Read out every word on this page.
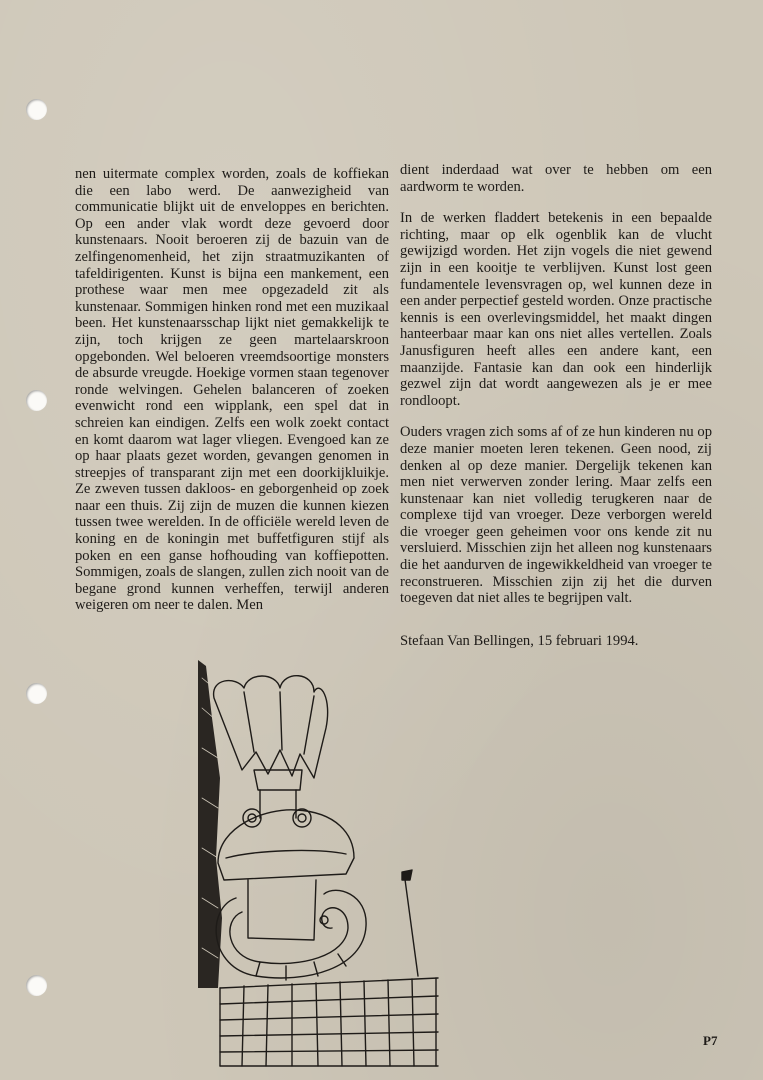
nen uitermate complex worden, zoals de koffiekan die een labo werd. De aanwezigheid van communicatie blijkt uit de enveloppes en berichten. Op een ander vlak wordt deze gevoerd door kunstenaars. Nooit beroeren zij de bazuin van de zelfingenomenheid, het zijn straatmuzikanten of tafeldirigenten. Kunst is bijna een mankement, een prothese waar men mee opgezadeld zit als kunstenaar. Sommigen hinken rond met een muzikaal been. Het kunstenaarsschap lijkt niet gemakkelijk te zijn, toch krijgen ze geen martelaarskroon opgebonden. Wel beloeren vreemdsoortige monsters de absurde vreugde. Hoekige vormen staan tegenover ronde welvingen. Gehelen balanceren of zoeken evenwicht rond een wipplank, een spel dat in schreien kan eindigen. Zelfs een wolk zoekt contact en komt daarom wat lager vliegen. Evengoed kan ze op haar plaats gezet worden, gevangen genomen in streepjes of transparant zijn met een doorkijkluikje. Ze zweven tussen dakloos- en geborgenheid op zoek naar een thuis. Zij zijn de muzen die kunnen kiezen tussen twee werelden. In de officiële wereld leven de koning en de koningin met buffetfiguren stijf als poken en een ganse hofhouding van koffiepotten. Sommigen, zoals de slangen, zullen zich nooit van de begane grond kunnen verheffen, terwijl anderen weigeren om neer te dalen. Men

dient inderdaad wat over te hebben om een aardworm te worden.

In de werken fladdert betekenis in een bepaalde richting, maar op elk ogenblik kan de vlucht gewijzigd worden. Het zijn vogels die niet gewend zijn in een kooitje te verblijven. Kunst lost geen fundamentele levensvragen op, wel kunnen deze in een ander perpectief gesteld worden. Onze practische kennis is een overlevingsmiddel, het maakt dingen hanteerbaar maar kan ons niet alles vertellen. Zoals Janusfiguren heeft alles een andere kant, een maanzijde. Fantasie kan dan ook een hinderlijk gezwel zijn dat wordt aangewezen als je er mee rondloopt.

Ouders vragen zich soms af of ze hun kinderen nu op deze manier moeten leren tekenen. Geen nood, zij denken al op deze manier. Dergelijk tekenen kan men niet verwerven zonder lering. Maar zelfs een kunstenaar kan niet volledig terugkeren naar de complexe tijd van vroeger. Deze verborgen wereld die vroeger geen geheimen voor ons kende zit nu versluierd. Misschien zijn het alleen nog kunstenaars die het aandurven de ingewikkeldheid van vroeger te reconstrueren. Misschien zijn zij het die durven toegeven dat niet alles te begrijpen valt.

Stefaan Van Bellingen, 15 februari 1994.

P7
